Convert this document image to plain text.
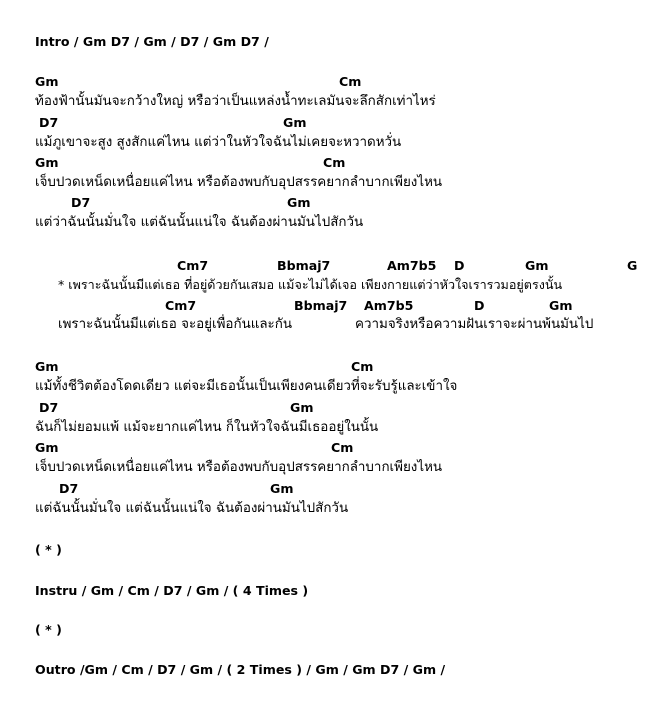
Intro / Gm D7 / Gm / D7 / Gm D7 /
Gm	Cm
ท้องฟ้านั้นมันจะกว้างใหญ่ หรือว่าเป็นแหล่งน้ำทะเลมันจะลึกสักเท่าไหร่
D7	Gm
แม้ภูเขาจะสูง สูงสักแค่ไหน แต่ว่าในหัวใจฉันไม่เคยจะหวาดหวั่น
Gm	Cm
เจ็บปวดเหน็ดเหนื่อยแค่ไหน หรือต้องพบกับอุปสรรคยากลำบากเพียงไหน
D7	Gm
แต่ว่าฉันนั้นมั่นใจ แต่ฉันนั้นแน่ใจ ฉันต้องผ่านมันไปสักวัน
Cm7	Bbmaj7	Am7b5 D	Gm	G
* เพราะฉันนั้นมีแต่เธอ ที่อยู่ด้วยกันเสมอ แม้จะไม่ได้เจอ เพียงกายแต่ว่าหัวใจเรารวมอยู่ตรงนั้น
Cm7	Bbmaj7 Am7b5	D	Gm
เพราะฉันนั้นมีแต่เธอ จะอยู่เพื่อกันและกัน	ความจริงหรือความฝันเราจะผ่านพ้นมันไป
Gm	Cm
แม้ทั้งชีวิตต้องโดดเดียว แต่จะมีเธอนั้นเป็นเพียงคนเดียวที่จะรับรู้และเข้าใจ
D7	Gm
ฉันก็ไม่ยอมแพ้ แม้จะยากแค่ไหน ก็ในหัวใจฉันมีเธออยู่ในนั้น
Gm	Cm
เจ็บปวดเหน็ดเหนื่อยแค่ไหน หรือต้องพบกับอุปสรรคยากลำบากเพียงไหน
D7	Gm
แต่ฉันนั้นมั่นใจ แต่ฉันนั้นแน่ใจ ฉันต้องผ่านมันไปสักวัน
( * )
Instru / Gm / Cm / D7 / Gm / ( 4 Times )
( * )
Outro /Gm / Cm / D7 / Gm / ( 2 Times ) / Gm / Gm D7 / Gm /
